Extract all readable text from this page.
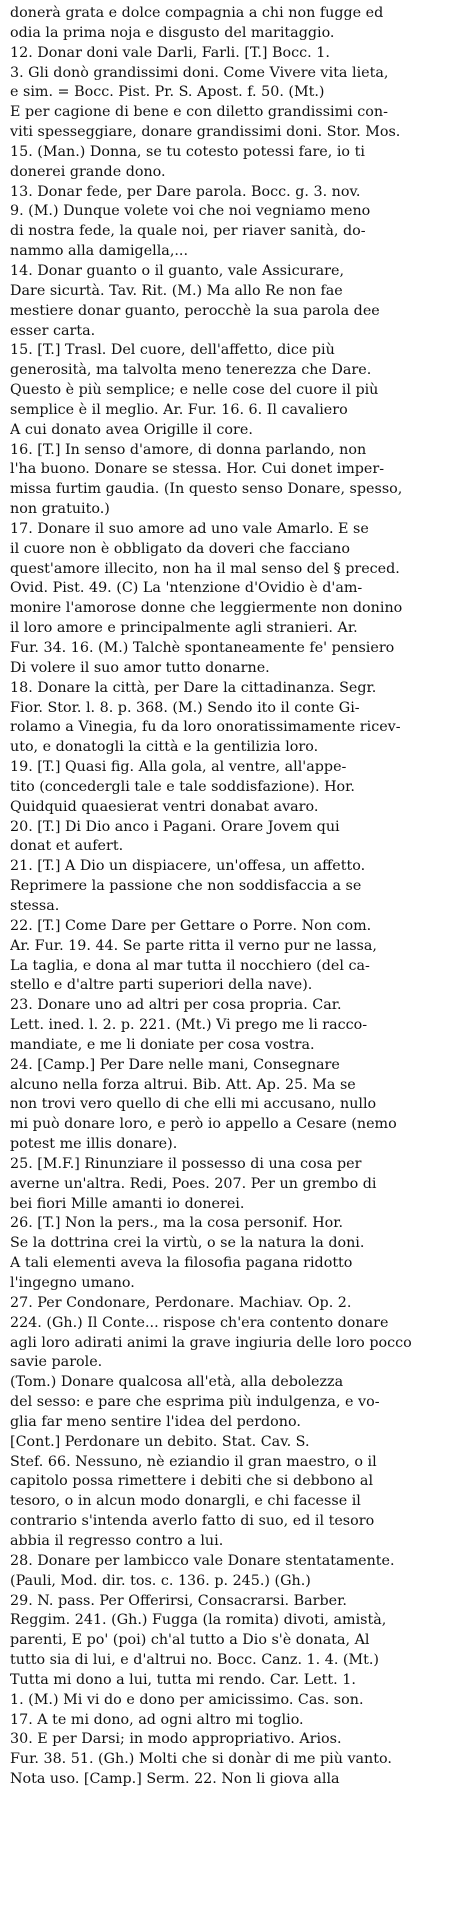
donerà grata e dolce compagnia a chi non fugge ed
odia la prima noja e disgusto del maritaggio.
12. Donar doni vale Darli, Farli. [T.] Bocc. 1.
3. Gli donò grandissimi doni. Come Vivere vita lieta,
e sim. = Bocc. Pist. Pr. S. Apost. f. 50. (Mt.)
E per cagione di bene e con diletto grandissimi con-
viti spesseggiare, donare grandissimi doni. Stor. Mos.
15. (Man.) Donna, se tu cotesto potessi fare, io ti
donerei grande dono.
13. Donar fede, per Dare parola. Bocc. g. 3. nov.
9. (M.) Dunque volete voi che noi vegniamo meno
di nostra fede, la quale noi, per riaver sanità, do-
nammo alla damigella,...
14. Donar guanto o il guanto, vale Assicurare,
Dare sicurtà. Tav. Rit. (M.) Ma allo Re non fae
mestiere donar guanto, perocchè la sua parola dee
esser carta.
15. [T.] Trasl. Del cuore, dell'affetto, dice più
generosità, ma talvolta meno tenerezza che Dare.
Questo è più semplice; e nelle cose del cuore il più
semplice è il meglio. Ar. Fur. 16. 6. Il cavaliero
A cui donato avea Origille il core.
16. [T.] In senso d'amore, di donna parlando, non
l'ha buono. Donare se stessa. Hor. Cui donet imper-
missa furtim gaudia. (In questo senso Donare, spesso,
non gratuito.)
17. Donare il suo amore ad uno vale Amarlo. E se
il cuore non è obbligato da doveri che facciano
quest'amore illecito, non ha il mal senso del § preced.
Ovid. Pist. 49. (C) La 'ntenzione d'Ovidio è d'am-
monire l'amorose donne che leggiermente non donino
il loro amore e principalmente agli stranieri. Ar.
Fur. 34. 16. (M.) Talchè spontaneamente fe' pensiero
Di volere il suo amor tutto donarne.
18. Donare la città, per Dare la cittadinanza. Segr.
Fior. Stor. l. 8. p. 368. (M.) Sendo ito il conte Gi-
rolamo a Vinegia, fu da loro onoratissimamente ricev-
uto, e donatogli la città e la gentilizia loro.
19. [T.] Quasi fig. Alla gola, al ventre, all'appe-
tito (concedergli tale e tale soddisfazione). Hor.
Quidquid quaesierat ventri donabat avaro.
20. [T.] Di Dio anco i Pagani. Orare Jovem qui
donat et aufert.
21. [T.] A Dio un dispiacere, un'offesa, un affetto.
Reprimere la passione che non soddisfaccia a se
stessa.
22. [T.] Come Dare per Gettare o Porre. Non com.
Ar. Fur. 19. 44. Se parte ritta il verno pur ne lassa,
La taglia, e dona al mar tutta il nocchiero (del ca-
stello e d'altre parti superiori della nave).
23. Donare uno ad altri per cosa propria. Car.
Lett. ined. l. 2. p. 221. (Mt.) Vi prego me li racco-
mandiate, e me li doniate per cosa vostra.
24. [Camp.] Per Dare nelle mani, Consegnare
alcuno nella forza altrui. Bib. Att. Ap. 25. Ma se
non trovi vero quello di che elli mi accusano, nullo
mi può donare loro, e però io appello a Cesare (nemo
potest me illis donare).
25. [M.F.] Rinunziare il possesso di una cosa per
averne un'altra. Redi, Poes. 207. Per un grembo di
bei fiori Mille amanti io donerei.
26. [T.] Non la pers., ma la cosa personif. Hor.
Se la dottrina crei la virtù, o se la natura la doni.
A tali elementi aveva la filosofia pagana ridotto
l'ingegno umano.
27. Per Condonare, Perdonare. Machiav. Op. 2.
224. (Gh.) Il Conte... rispose ch'era contento donare
agli loro adirati animi la grave ingiuria delle loro pocco
savie parole.
(Tom.) Donare qualcosa all'età, alla debolezza
del sesso: e pare che esprima più indulgenza, e vo-
glia far meno sentire l'idea del perdono.
[Cont.] Perdonare un debito. Stat. Cav. S.
Stef. 66. Nessuno, nè eziandio il gran maestro, o il
capitolo possa rimettere i debiti che si debbono al
tesoro, o in alcun modo donargli, e chi facesse il
contrario s'intenda averlo fatto di suo, ed il tesoro
abbia il regresso contro a lui.
28. Donare per lambicco vale Donare stentatamente.
(Pauli, Mod. dir. tos. c. 136. p. 245.) (Gh.)
29. N. pass. Per Offerirsi, Consacrarsi. Barber.
Reggim. 241. (Gh.) Fugga (la romita) divoti, amistà,
parenti, E po' (poi) ch'al tutto a Dio s'è donata, Al
tutto sia di lui, e d'altrui no. Bocc. Canz. 1. 4. (Mt.)
Tutta mi dono a lui, tutta mi rendo. Car. Lett. 1.
1. (M.) Mi vi do e dono per amicissimo. Cas. son.
17. A te mi dono, ad ogni altro mi toglio.
30. E per Darsi; in modo appropriativo. Arios.
Fur. 38. 51. (Gh.) Molti che si donàr di me più vanto.
Nota uso. [Camp.] Serm. 22. Non li giova alla
